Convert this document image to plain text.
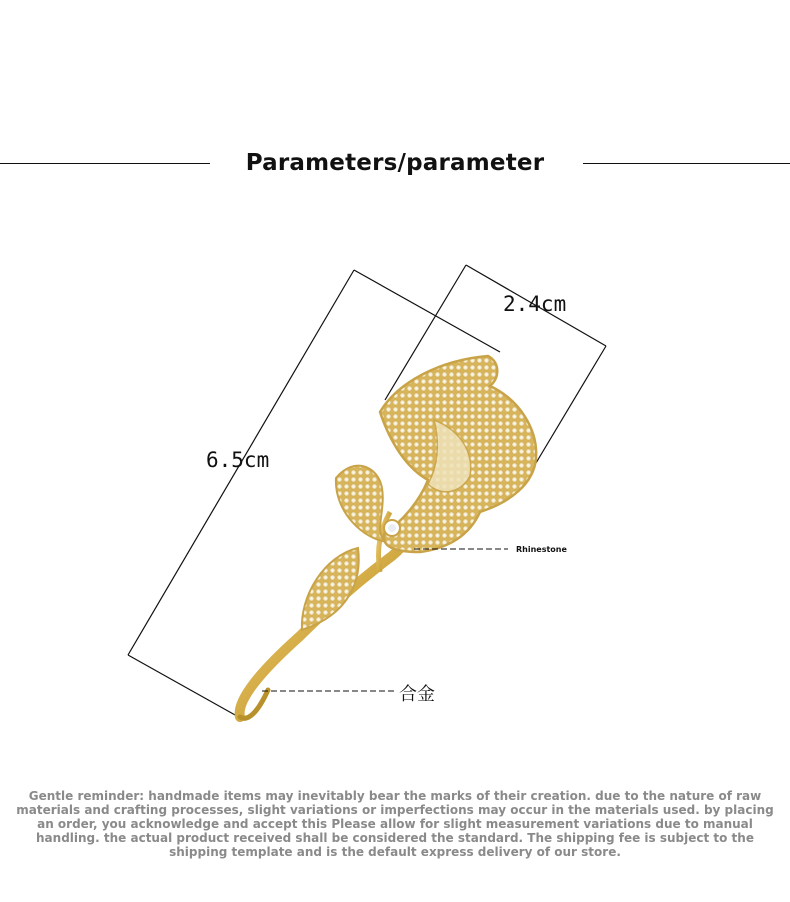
Parameters/parameter
2.4cm
6.5cm
Rhinestone
合金
Gentle reminder: handmade items may inevitably bear the marks of their creation. due to the nature of raw materials and crafting processes, slight variations or imperfections may occur in the materials used. by placing an order, you acknowledge and accept this Please allow for slight measurement variations due to manual handling. the actual product received shall be considered the standard. The shipping fee is subject to the shipping template and is the default express delivery of our store.
